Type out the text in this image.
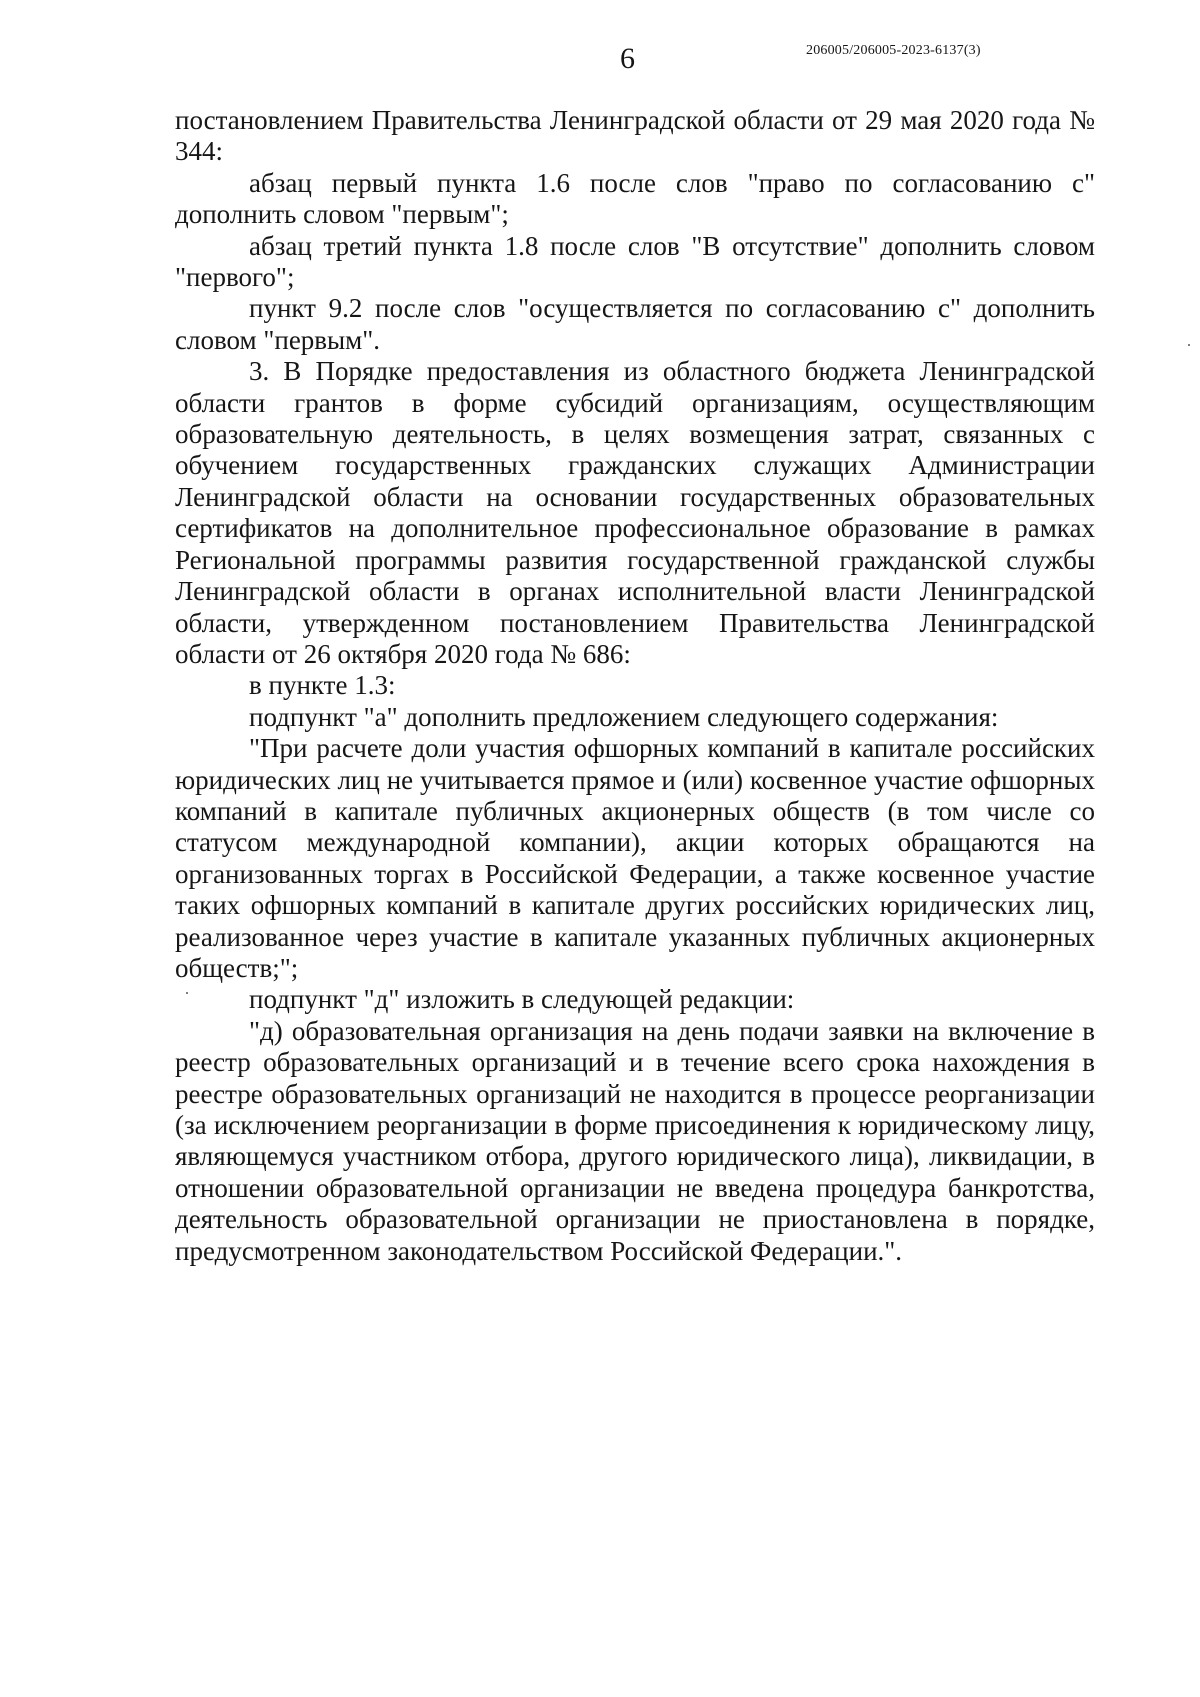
6	206005/206005-2023-6137(3)

постановлением Правительства Ленинградской области от 29 мая 2020 года № 344:

абзац первый пункта 1.6 после слов "право по согласованию с" дополнить словом "первым";

абзац третий пункта 1.8 после слов "В отсутствие" дополнить словом "первого";

пункт 9.2 после слов "осуществляется по согласованию с" дополнить словом "первым".

3. В Порядке предоставления из областного бюджета Ленинградской области грантов в форме субсидий организациям, осуществляющим образовательную деятельность, в целях возмещения затрат, связанных с обучением государственных гражданских служащих Администрации Ленинградской области на основании государственных образовательных сертификатов на дополнительное профессиональное образование в рамках Региональной программы развития государственной гражданской службы Ленинградской области в органах исполнительной власти Ленинградской области, утвержденном постановлением Правительства Ленинградской области от 26 октября 2020 года № 686:

в пункте 1.3:

подпункт "а" дополнить предложением следующего содержания:

"При расчете доли участия офшорных компаний в капитале российских юридических лиц не учитывается прямое и (или) косвенное участие офшорных компаний в капитале публичных акционерных обществ (в том числе со статусом международной компании), акции которых обращаются на организованных торгах в Российской Федерации, а также косвенное участие таких офшорных компаний в капитале других российских юридических лиц, реализованное через участие в капитале указанных публичных акционерных обществ;";

подпункт "д" изложить в следующей редакции:

"д) образовательная организация на день подачи заявки на включение в реестр образовательных организаций и в течение всего срока нахождения в реестре образовательных организаций не находится в процессе реорганизации (за исключением реорганизации в форме присоединения к юридическому лицу, являющемуся участником отбора, другого юридического лица), ликвидации, в отношении образовательной организации не введена процедура банкротства, деятельность образовательной организации не приостановлена в порядке, предусмотренном законодательством Российской Федерации.".
